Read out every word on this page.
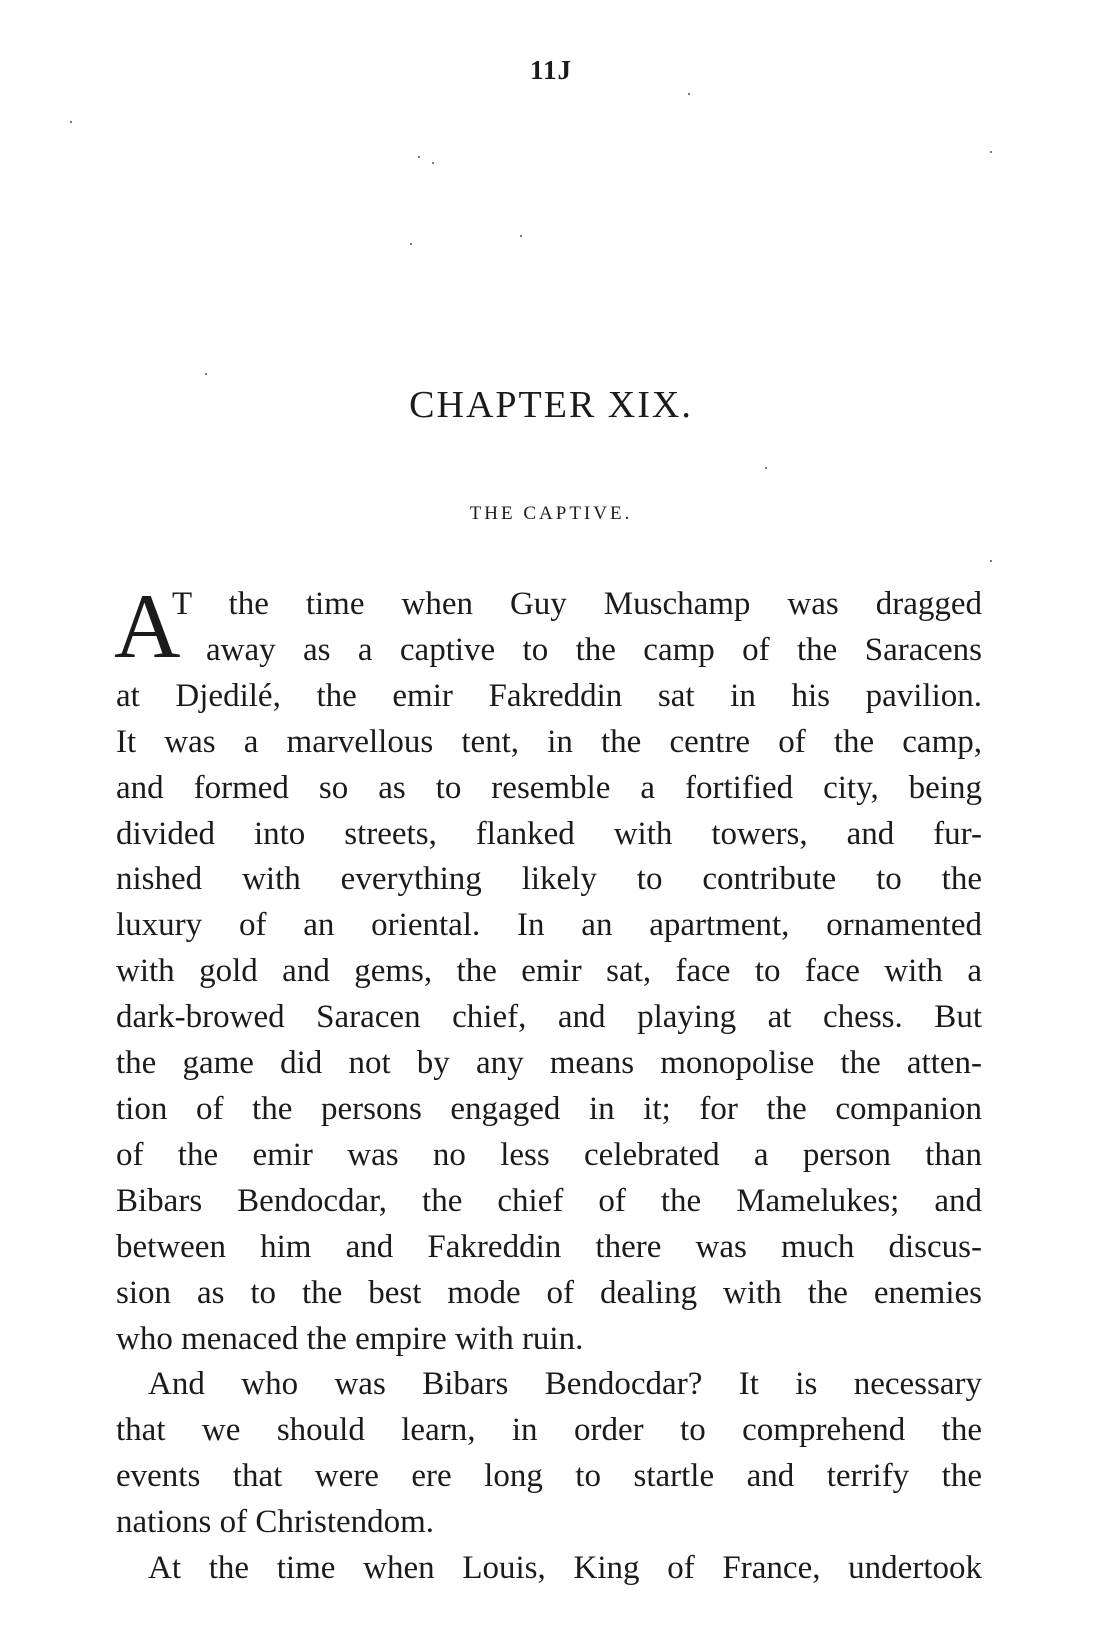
11J
CHAPTER XIX.
THE CAPTIVE.
A
T the time when Guy Muschamp was dragged
away as a captive to the camp of the Saracens
at Djedilé, the emir Fakreddin sat in his pavilion.
It was a marvellous tent, in the centre of the camp,
and formed so as to resemble a fortified city, being
divided into streets, flanked with towers, and fur-
nished with everything likely to contribute to the
luxury of an oriental. In an apartment, ornamented
with gold and gems, the emir sat, face to face with a
dark-browed Saracen chief, and playing at chess. But
the game did not by any means monopolise the atten-
tion of the persons engaged in it; for the companion
of the emir was no less celebrated a person than
Bibars Bendocdar, the chief of the Mamelukes; and
between him and Fakreddin there was much discus-
sion as to the best mode of dealing with the enemies
who menaced the empire with ruin.
And who was Bibars Bendocdar? It is necessary
that we should learn, in order to comprehend the
events that were ere long to startle and terrify the
nations of Christendom.
At the time when Louis, King of France, undertook
